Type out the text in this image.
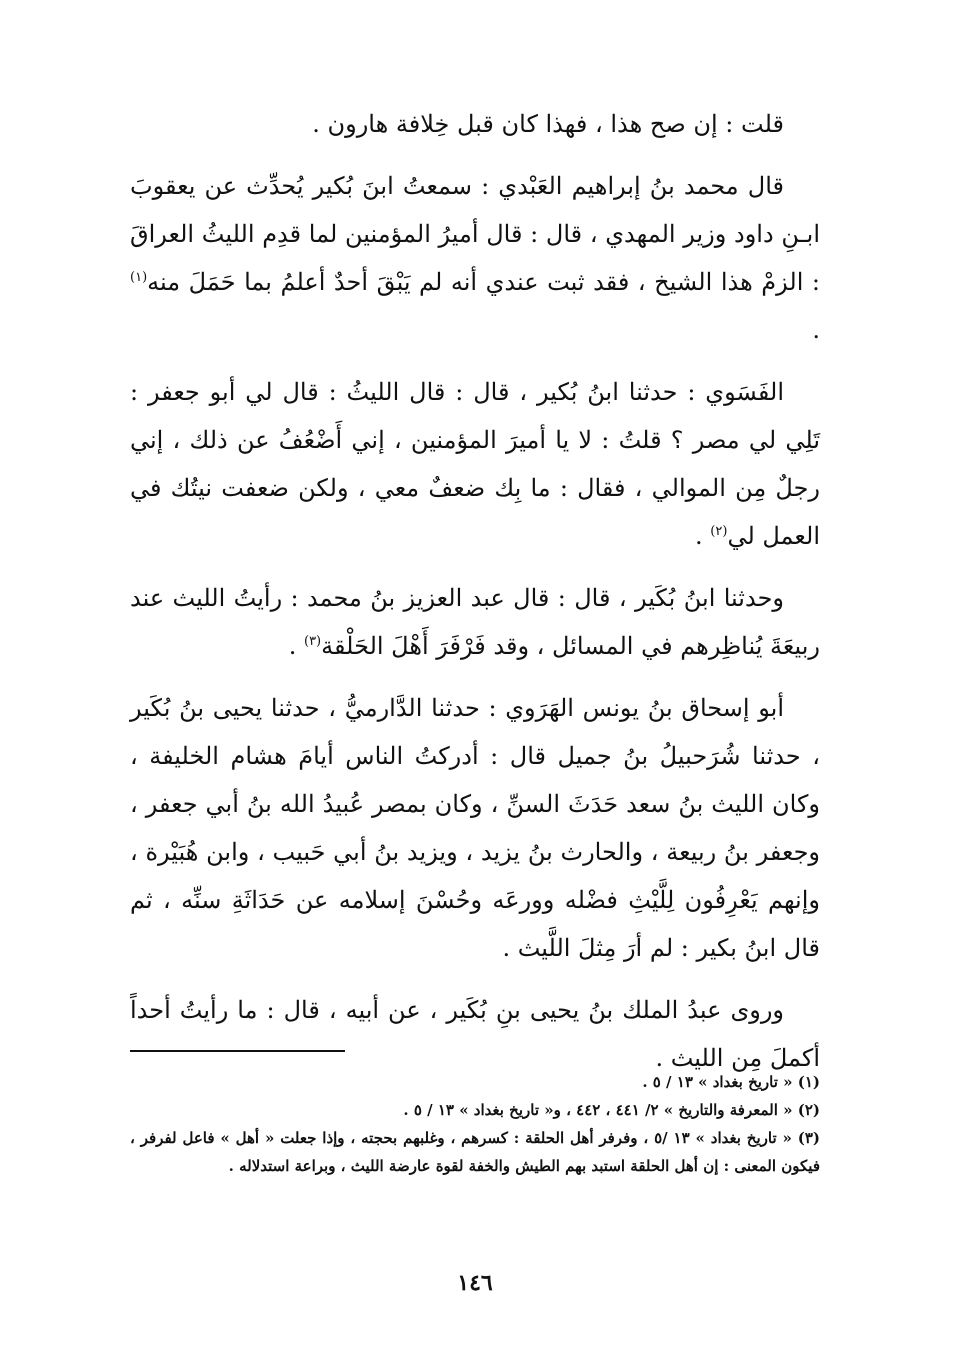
قلت : إن صح هذا ، فهذا كان قبل خِلافة هارون .

قال محمد بنُ إبراهيم العَبْدي : سمعتُ ابنَ بُكير يُحدِّث عن يعقوبَ ابـنِ داود وزير المهدي ، قال : قال أميرُ المؤمنين لما قدِم الليثُ العراقَ : الزمْ هذا الشيخ ، فقد ثبت عندي أنه لم يَبْقَ أحدٌ أعلمُ بما حَمَلَ منه$^{(١)}$ .

الفَسَوي : حدثنا ابنُ بُكير ، قال : قال الليثُ : قال لي أبو جعفر : تَلِي لي مصر ؟ قلتُ : لا يا أميرَ المؤمنين ، إني أَضْعُفُ عن ذلك ، إني رجلٌ مِن الموالي ، فقال : ما بِك ضعفٌ معي ، ولكن ضعفت نيتُك في العمل لي$^{(٢)}$ .

وحدثنا ابنُ بُكَير ، قال : قال عبد العزيز بنُ محمد : رأيتُ الليث عند ربيعَةَ يُناظِرهم في المسائل ، وقد فَرْفَرَ أَهْلَ الحَلْقة$^{(٣)}$ .

أبو إسحاق بنُ يونس الهَرَوي : حدثنا الدَّارميُّ ، حدثنا يحيى بنُ بُكَير ، حدثنا شُرَحبيلُ بنُ جميل قال : أدركتُ الناس أيامَ هشام الخليفة ، وكان الليث بنُ سعد حَدَثَ السنِّ ، وكان بمصر عُبيدُ الله بنُ أبي جعفر ، وجعفر بنُ ربيعة ، والحارث بنُ يزيد ، ويزيد بنُ أبي حَبيب ، وابن هُبَيْرة ، وإنهم يَعْرِفُون لِلَّيْثِ فضْله وورعَه وحُسْنَ إسلامه عن حَدَاثَةِ سنِّه ، ثم قال ابنُ بكير : لم أرَ مِثلَ اللَّيث .

وروى عبدُ الملك بنُ يحيى بنِ بُكَير ، عن أبيه ، قال : ما رأيتُ أحداً أكملَ مِن الليث .

(١) « تاريخ بغداد » ١٣ / ٥ .

(٢) « المعرفة والتاريخ » ٢/ ٤٤١ ، ٤٤٢ ، و« تاريخ بغداد » ١٣ / ٥ .

(٣) « تاريخ بغداد » ١٣ /٥ ، وفرفر أهل الحلقة : كسرهم ، وغلبهم بحجته ، وإذا جعلت « أهل » فاعل لفرفر ، فيكون المعنى : إن أهل الحلقة استبد بهم الطيش والخفة لقوة عارضة الليث ، وبراعة استدلاله .

١٤٦
